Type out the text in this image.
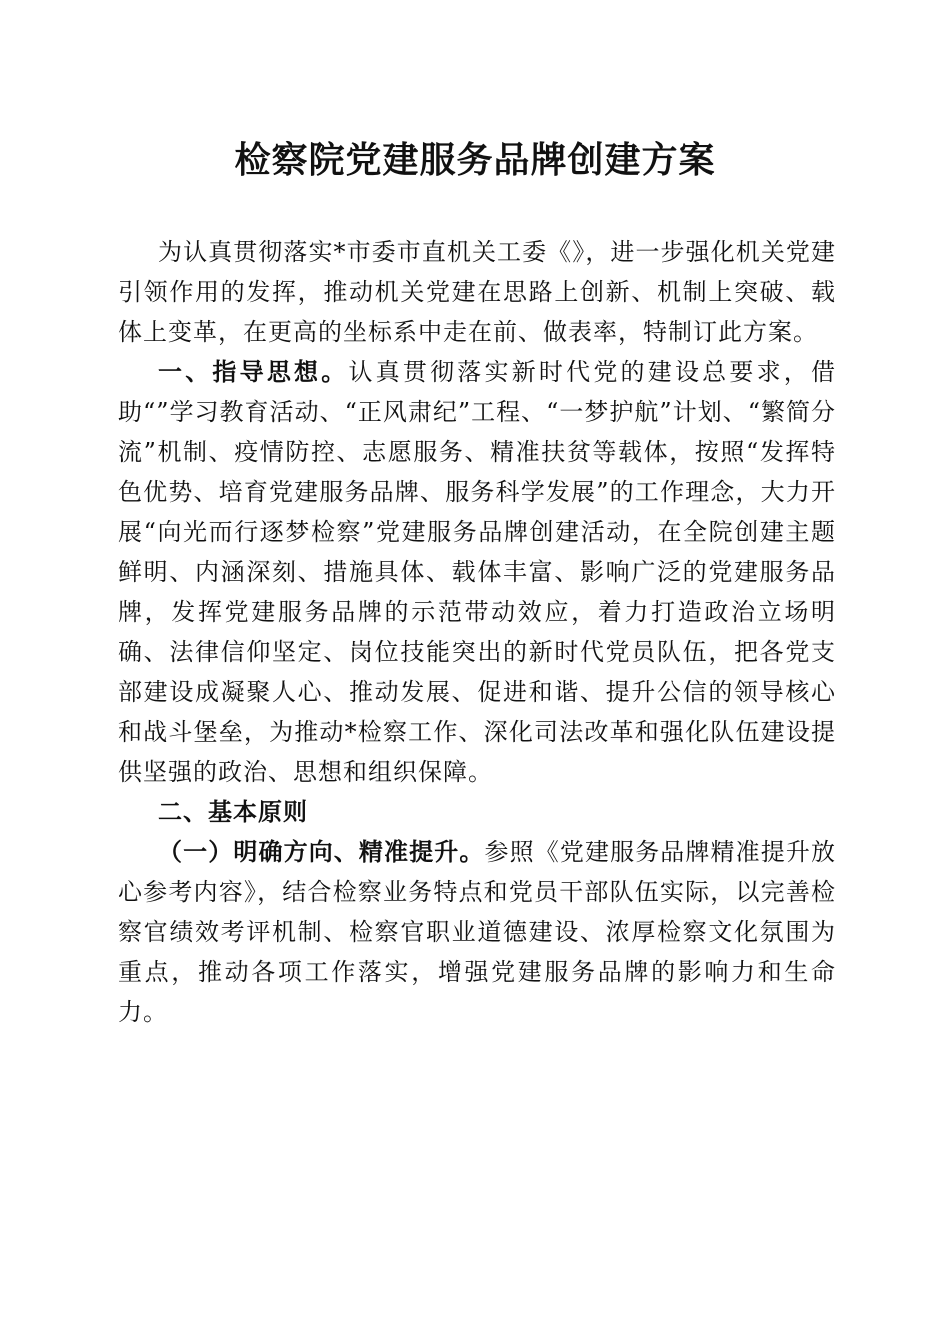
检察院党建服务品牌创建方案

为认真贯彻落实*市委市直机关工委《》，进一步强化机关党建引领作用的发挥，推动机关党建在思路上创新、机制上突破、载体上变革，在更高的坐标系中走在前、做表率，特制订此方案。

一、指导思想。认真贯彻落实新时代党的建设总要求，借助“”学习教育活动、“正风肃纪”工程、“一梦护航”计划、“繁简分流”机制、疫情防控、志愿服务、精准扶贫等载体，按照“发挥特色优势、培育党建服务品牌、服务科学发展”的工作理念，大力开展“向光而行逐梦检察”党建服务品牌创建活动，在全院创建主题鲜明、内涵深刻、措施具体、载体丰富、影响广泛的党建服务品牌，发挥党建服务品牌的示范带动效应，着力打造政治立场明确、法律信仰坚定、岗位技能突出的新时代党员队伍，把各党支部建设成凝聚人心、推动发展、促进和谐、提升公信的领导核心和战斗堡垒，为推动*检察工作、深化司法改革和强化队伍建设提供坚强的政治、思想和组织保障。

二、基本原则

（一）明确方向、精准提升。参照《党建服务品牌精准提升放心参考内容》，结合检察业务特点和党员干部队伍实际，以完善检察官绩效考评机制、检察官职业道德建设、浓厚检察文化氛围为重点，推动各项工作落实，增强党建服务品牌的影响力和生命力。
